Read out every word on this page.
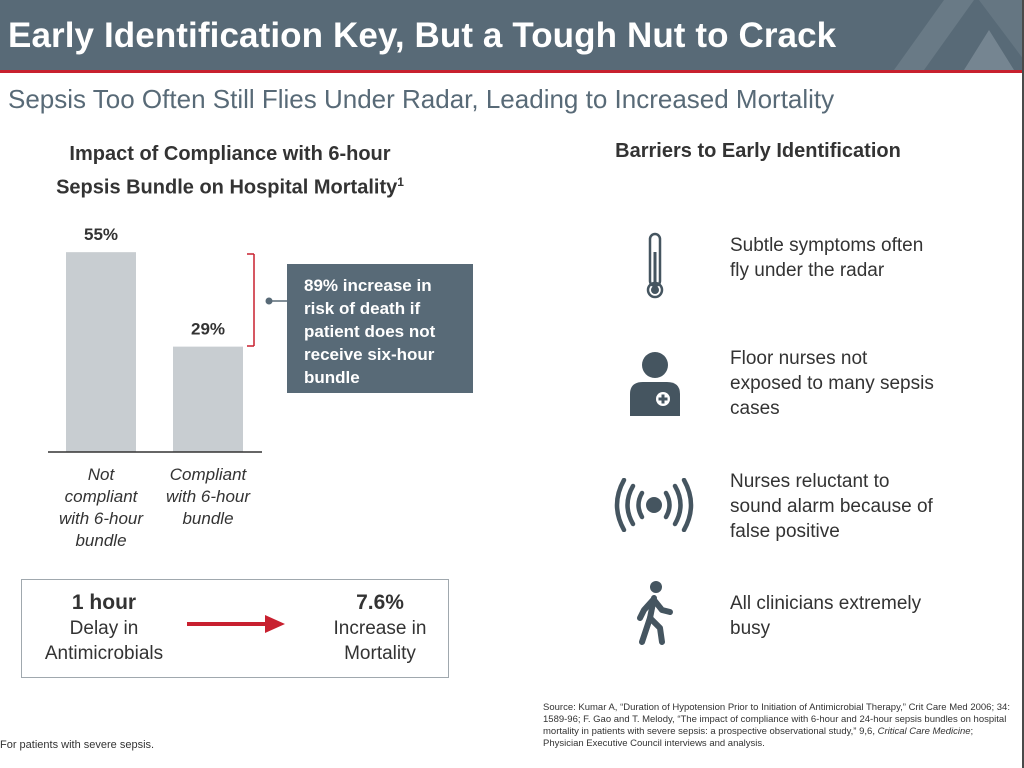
Early Identification Key, But a Tough Nut to Crack
Sepsis Too Often Still Flies Under Radar, Leading to Increased Mortality
Impact of Compliance with 6-hour
Sepsis Bundle on Hospital Mortality$^1$
55%
29%
Not
compliant
with 6-hour
bundle
Compliant
with 6-hour
bundle
89% increase in
risk of death if
patient does not
receive six-hour
bundle
1 hour
Delay in
Antimicrobials
7.6%
Increase in
Mortality
For patients with severe sepsis.
Barriers to Early Identification
Subtle symptoms often
fly under the radar
Floor nurses not
exposed to many sepsis
cases
Nurses reluctant to
sound alarm because of
false positive
All clinicians extremely
busy
Source: Kumar A, “Duration of Hypotension Prior to Initiation of Antimicrobial Therapy,” Crit Care Med 2006; 34: 1589-96; F. Gao and T. Melody, “The impact of compliance with 6-hour and 24-hour sepsis bundles on hospital mortality in patients with severe sepsis: a prospective observational study,” 9,6, Critical Care Medicine; Physician Executive Council interviews and analysis.
